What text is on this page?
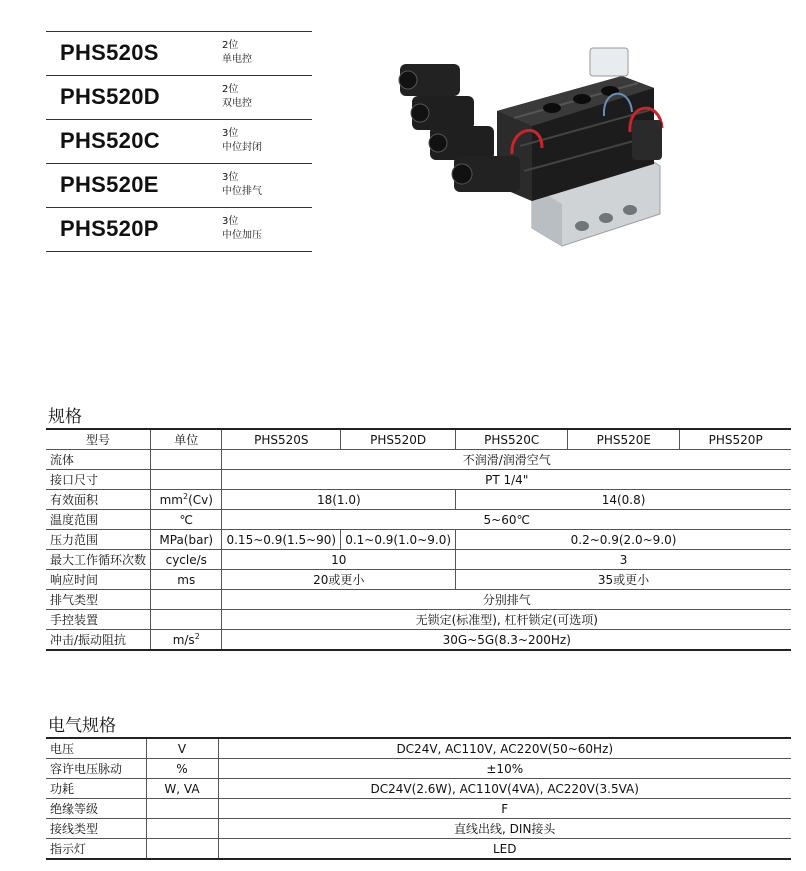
PHS520S	2位
单电控
PHS520D	2位
双电控
PHS520C	3位
中位封闭
PHS520E	3位
中位排气
PHS520P	3位
中位加压
规格
型号	单位	PHS520S	PHS520D	PHS520C	PHS520E	PHS520P
流体		不润滑/润滑空气				
接口尺寸		PT 1/4"				
有效面积	$mm^2(Cv)$	18(1.0)		14(0.8)		
温度范围	℃	5~60℃				
压力范围	MPa(bar)	0.15~0.9(1.5~90)	0.1~0.9(1.0~9.0)	0.2~0.9(2.0~9.0)		
最大工作循环次数	cycle/s	10		3		
响应时间	ms	20或更小		35或更小		
排气类型		分别排气				
手控装置		无锁定(标准型), 杠杆锁定(可选项)				
冲击/振动阻抗	$m/s^2$	30G~5G(8.3~200Hz)				
电气规格
电压	V	DC24V, AC110V, AC220V(50~60Hz)
容许电压脉动	%	±10%
功耗	W, VA	DC24V(2.6W), AC110V(4VA), AC220V(3.5VA)
绝缘等级		F
接线类型		直线出线, DIN接头
指示灯		LED
